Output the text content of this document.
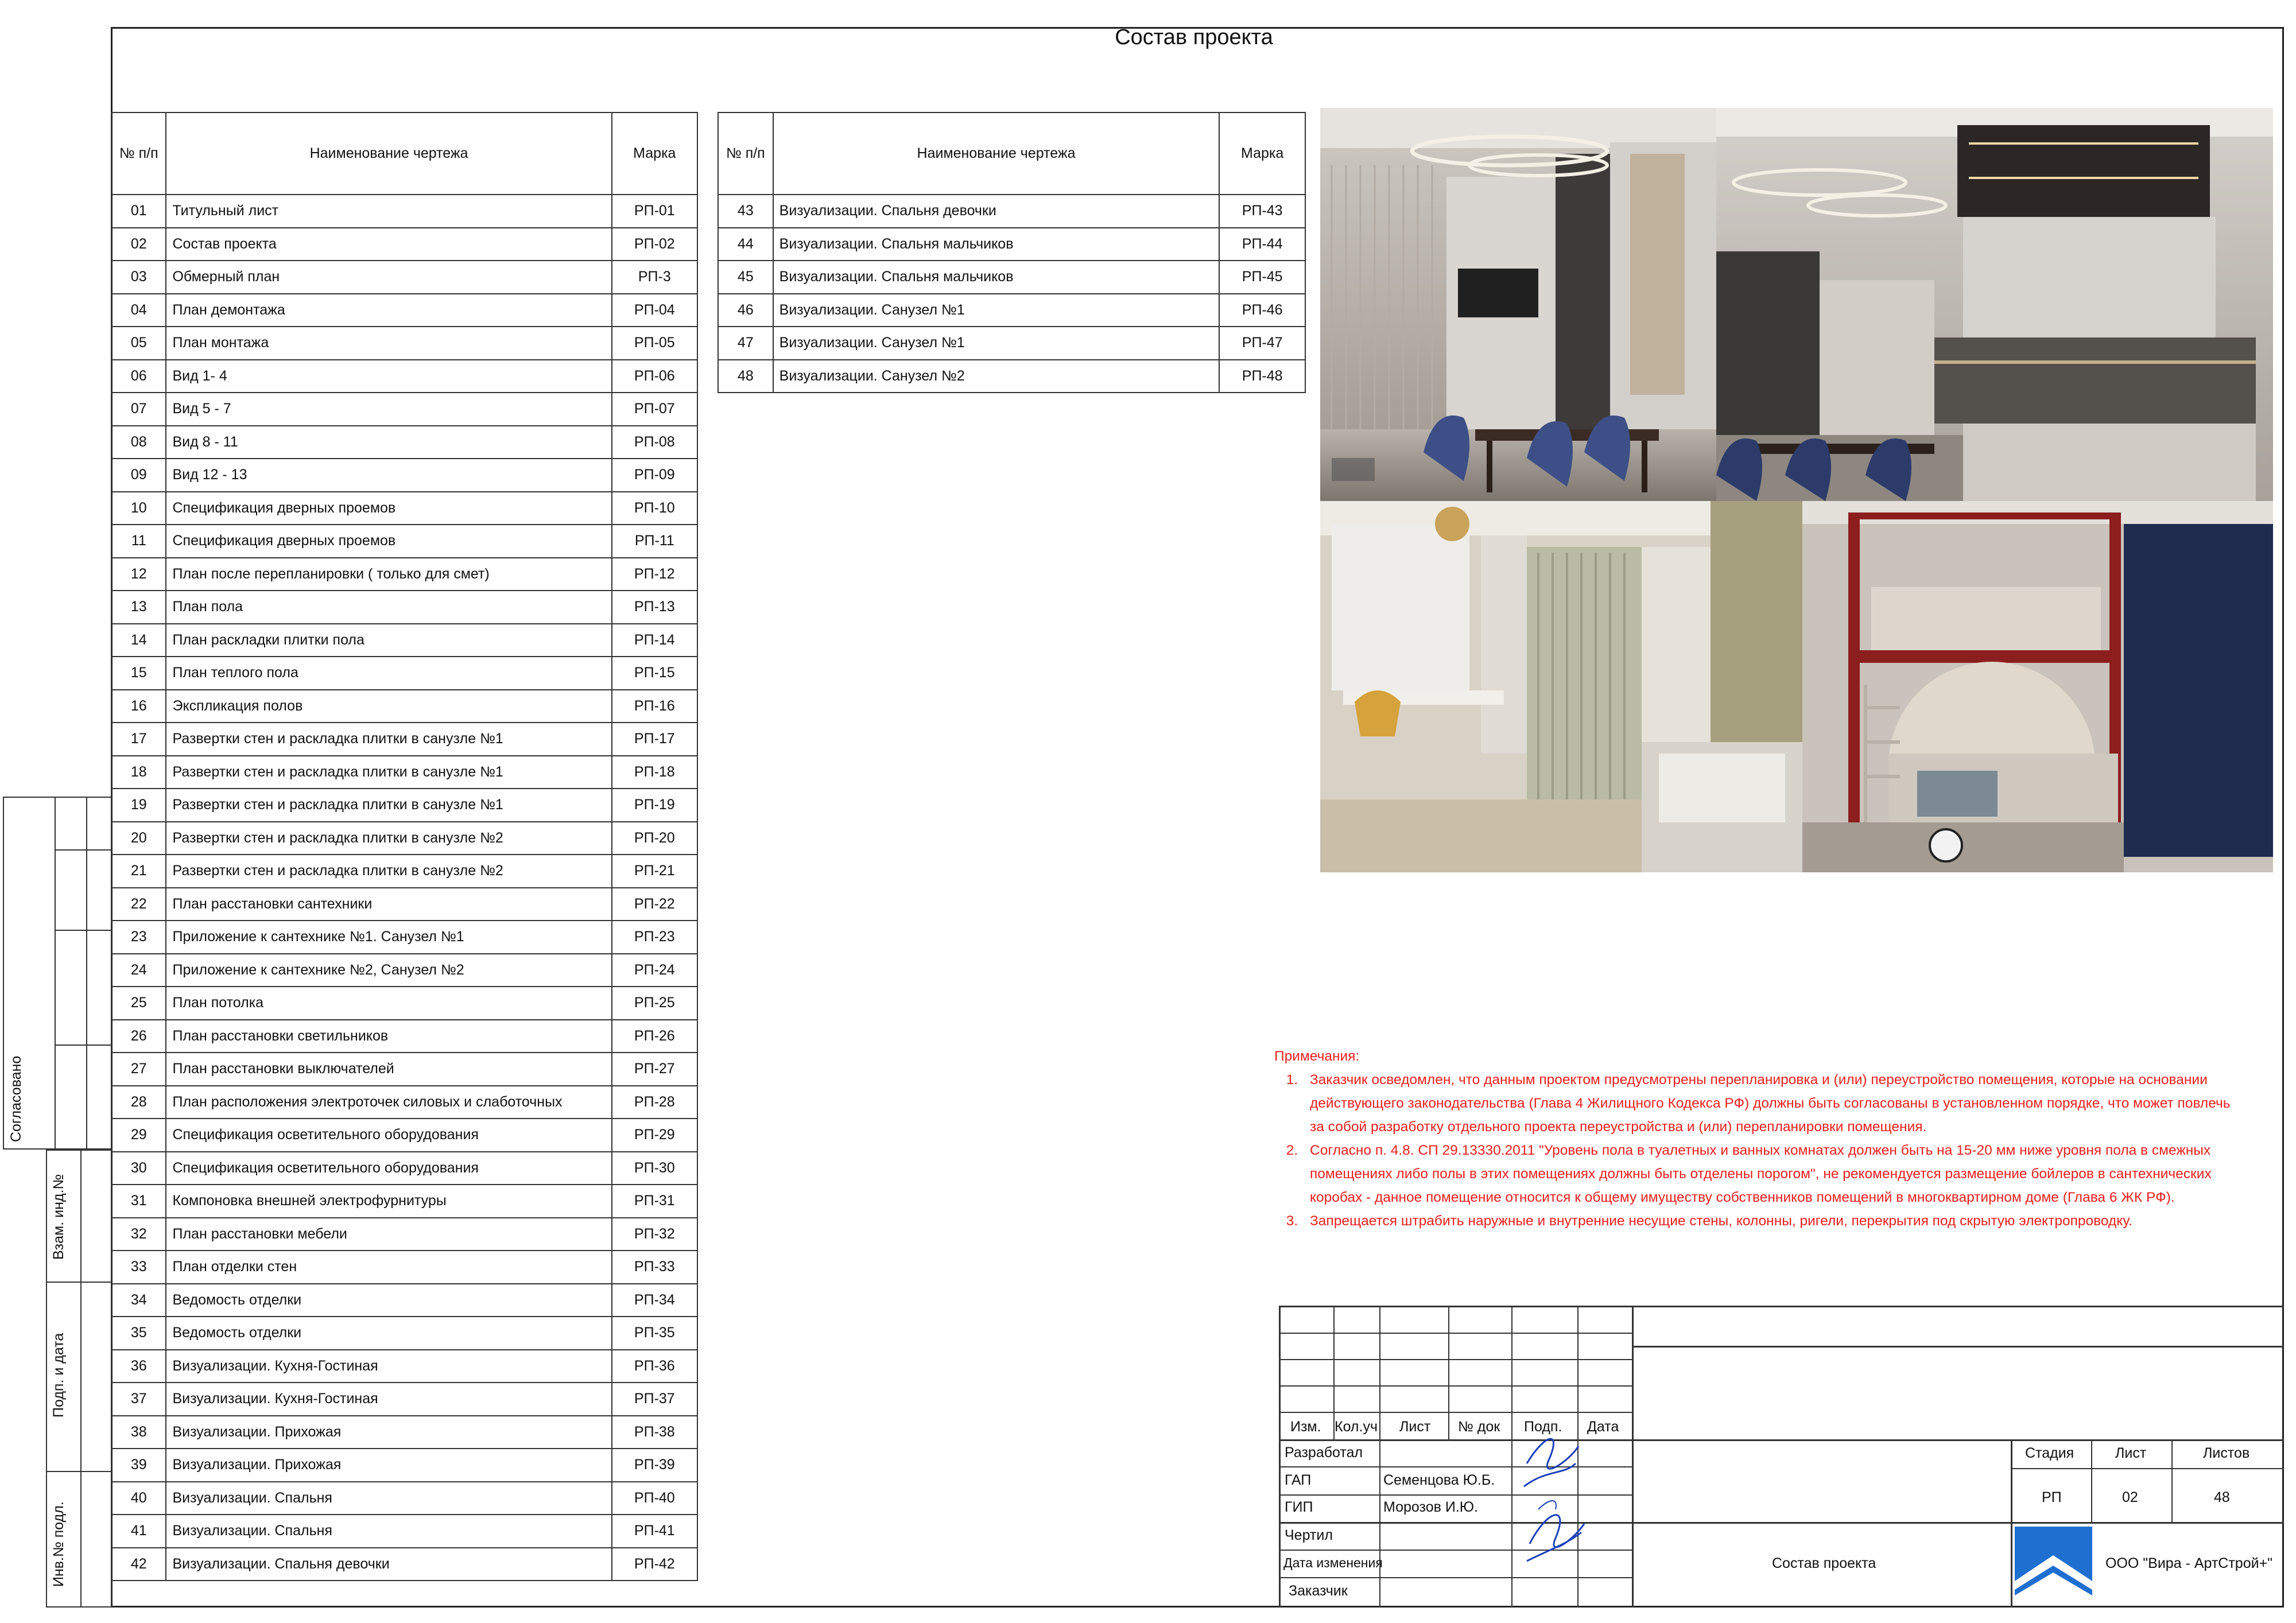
Состав проекта
Согласовано
Взам. инд.№
Подп. и дата
Инв.№ подл.
№ п/п	Наименование чертежа	Марка
01	Титульный лист	РП-01
02	Состав проекта	РП-02
03	Обмерный план	РП-3
04	План демонтажа	РП-04
05	План монтажа	РП-05
06	Вид 1- 4	РП-06
07	Вид 5 - 7	РП-07
08	Вид 8 - 11	РП-08
09	Вид 12 - 13	РП-09
10	Спецификация дверных проемов	РП-10
11	Спецификация дверных проемов	РП-11
12	План после перепланировки ( только для смет)	РП-12
13	План пола	РП-13
14	План раскладки плитки пола	РП-14
15	План теплого пола	РП-15
16	Экспликация полов	РП-16
17	Развертки стен и раскладка плитки в санузле №1	РП-17
18	Развертки стен и раскладка плитки в санузле №1	РП-18
19	Развертки стен и раскладка плитки в санузле №1	РП-19
20	Развертки стен и раскладка плитки в санузле №2	РП-20
21	Развертки стен и раскладка плитки в санузле №2	РП-21
22	План расстановки сантехники	РП-22
23	Приложение к сантехнике №1. Санузел №1	РП-23
24	Приложение к сантехнике №2, Санузел №2	РП-24
25	План потолка	РП-25
26	План расстановки светильников	РП-26
27	План расстановки выключателей	РП-27
28	План расположения электроточек силовых и слаботочных	РП-28
29	Спецификация осветительного оборудования	РП-29
30	Спецификация осветительного оборудования	РП-30
31	Компоновка внешней электрофурнитуры	РП-31
32	План расстановки мебели	РП-32
33	План отделки стен	РП-33
34	Ведомость отделки	РП-34
35	Ведомость отделки	РП-35
36	Визуализации. Кухня-Гостиная	РП-36
37	Визуализации. Кухня-Гостиная	РП-37
38	Визуализации. Прихожая	РП-38
39	Визуализации. Прихожая	РП-39
40	Визуализации. Спальня	РП-40
41	Визуализации. Спальня	РП-41
42	Визуализации. Спальня девочки	РП-42
№ п/п	Наименование чертежа	Марка
43	Визуализации. Спальня девочки	РП-43
44	Визуализации. Спальня мальчиков	РП-44
45	Визуализации. Спальня мальчиков	РП-45
46	Визуализации. Санузел №1	РП-46
47	Визуализации. Санузел №1	РП-47
48	Визуализации. Санузел №2	РП-48
Примечания:
1. Заказчик осведомлен, что данным проектом предусмотрены перепланировка и (или) переустройство помещения, которые на основании
действующего законодательства (Глава 4 Жилищного Кодекса РФ) должны быть согласованы в установленном порядке, что может повлечь
за собой разработку отдельного проекта переустройства и (или) перепланировки помещения.
2. Согласно п. 4.8. СП 29.13330.2011 "Уровень пола в туалетных и ванных комнатах должен быть на 15-20 мм ниже уровня пола в смежных
помещениях либо полы в этих помещениях должны быть отделены порогом", не рекомендуется размещение бойлеров в сантехнических
коробах - данное помещение относится к общему имуществу собственников помещений в многоквартирном доме (Глава 6 ЖК РФ).
3. Запрещается штрабить наружные и внутренние несущие стены, колонны, ригели, перекрытия под скрытую электропроводку.
Изм. Кол.уч Лист № док Подп. Дата
Разработал
ГАП	Семенцова Ю.Б.
ГИП	Морозов И.Ю.
Чертил
Дата изменения
Заказчик
Состав проекта
Стадия	Лист	Листов
РП	02	48
ООО "Вира - АртСтрой+"
